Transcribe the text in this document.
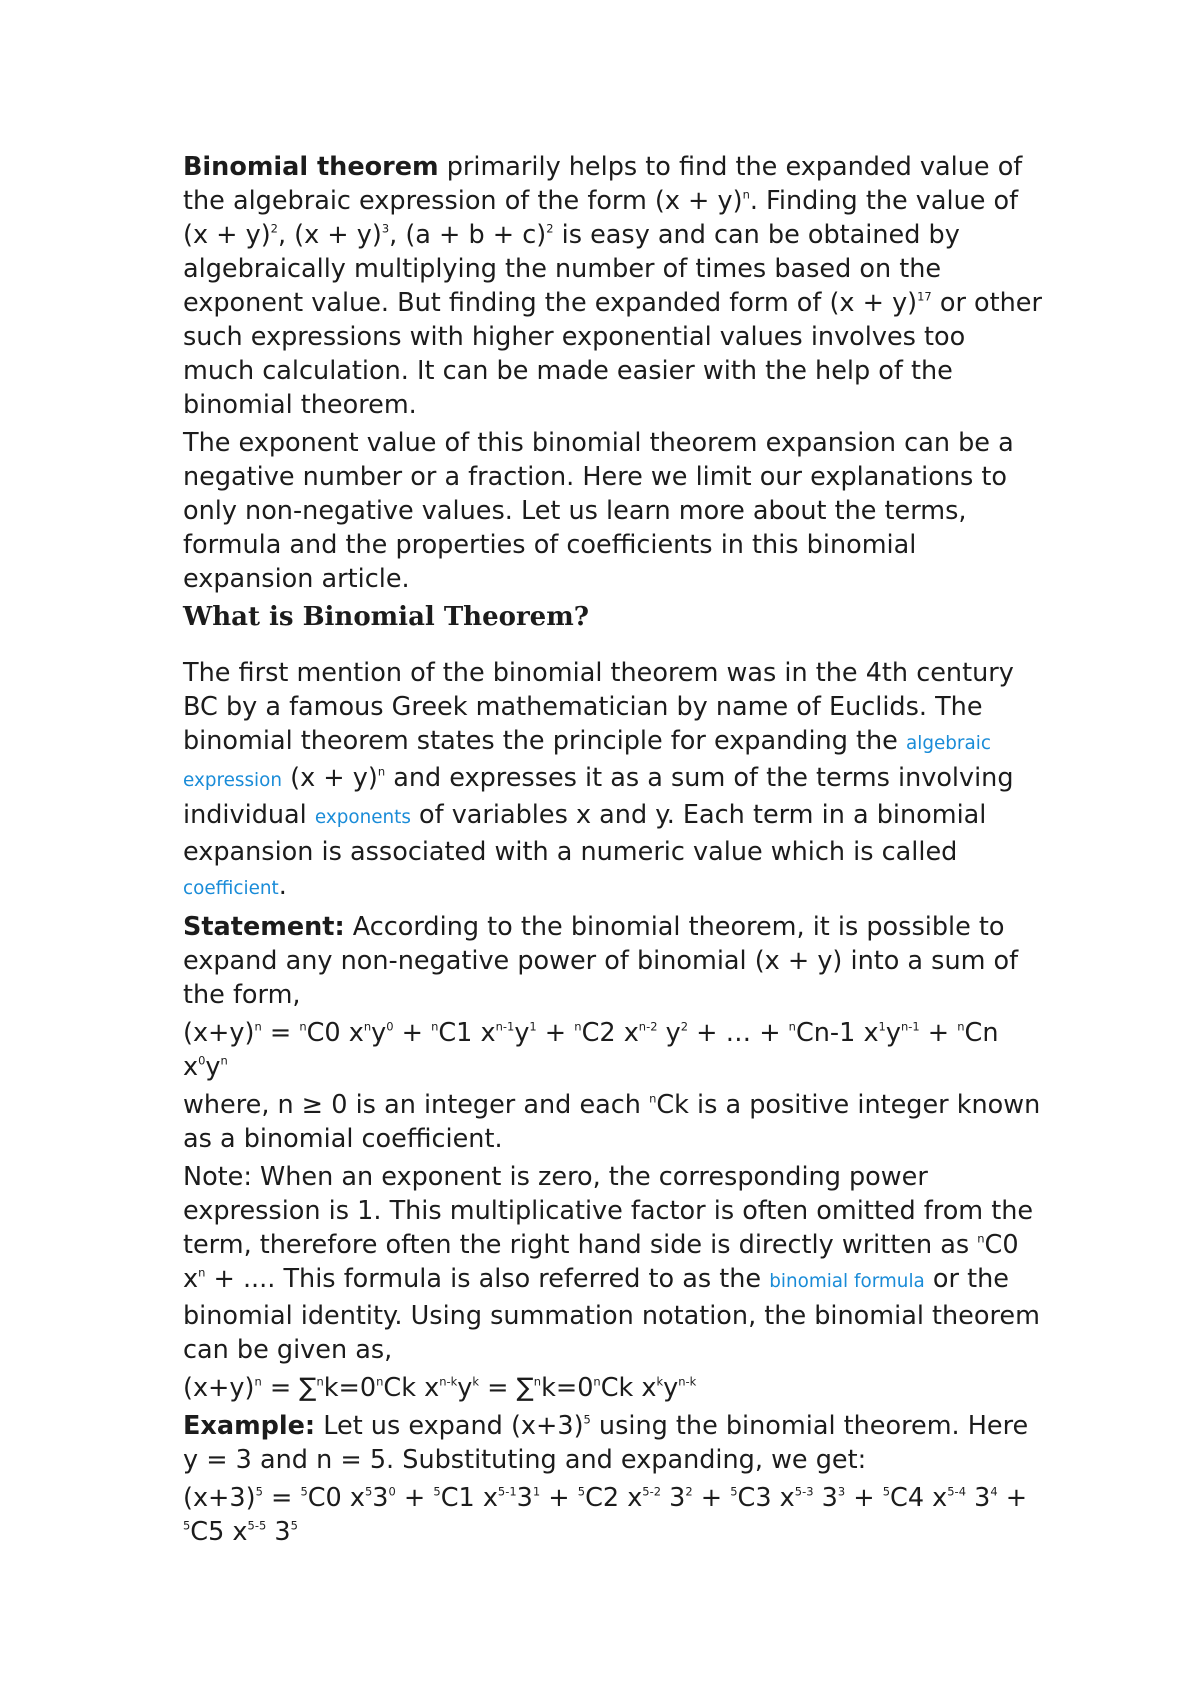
Binomial theorem primarily helps to find the expanded value of the algebraic expression of the form $(x + y)^n$. Finding the value of $(x + y)^2$, $(x + y)^3$, $(a + b + c)^2$ is easy and can be obtained by algebraically multiplying the number of times based on the exponent value. But finding the expanded form of $(x + y)^{17}$ or other such expressions with higher exponential values involves too much calculation. It can be made easier with the help of the binomial theorem.

The exponent value of this binomial theorem expansion can be a negative number or a fraction. Here we limit our explanations to only non-negative values. Let us learn more about the terms, formula and the properties of coefficients in this binomial expansion article.

What is Binomial Theorem?

The first mention of the binomial theorem was in the 4th century BC by a famous Greek mathematician by name of Euclids. The binomial theorem states the principle for expanding the algebraic expression $(x + y)^n$ and expresses it as a sum of the terms involving individual exponents of variables x and y. Each term in a binomial expansion is associated with a numeric value which is called coefficient.

Statement: According to the binomial theorem, it is possible to expand any non-negative power of binomial (x + y) into a sum of the form,

$(x+y)^n = ^nC0$ $x^ny^0 + ^nC1$ $x^{n-1}y^1 + ^nC2$ $x^{n-2}$ $y^2$ + … + $^n$Cn-1 $x^1y^{n-1} + ^nCn$ $x^0y^n$

where, n ≥ 0 is an integer and each $^n$Ck is a positive integer known as a binomial coefficient.

Note: When an exponent is zero, the corresponding power expression is 1. This multiplicative factor is often omitted from the term, therefore often the right hand side is directly written as $^n$C0 $x^n$ + .... This formula is also referred to as the binomial formula or the binomial identity. Using summation notation, the binomial theorem can be given as,

$(x+y)^n = \sum^nk=0^nCk$ $x^{n-k}y^k = \sum^nk=0^nCk$ $x^ky^{n-k}$

Example: Let us expand $(x+3)^5$ using the binomial theorem. Here y = 3 and n = 5. Substituting and expanding, we get:

$(x+3)^5 = ^5C0$ $x^53^0 + ^5C1$ $x^{5-1}3^1 + ^5C2$ $x^{5-2}$ $3^2 + ^5C3$ $x^{5-3}$ $3^3 + ^5C4$ $x^{5-4}$ $3^4 + ^5C5$ $x^{5-5}$ $3^5$
